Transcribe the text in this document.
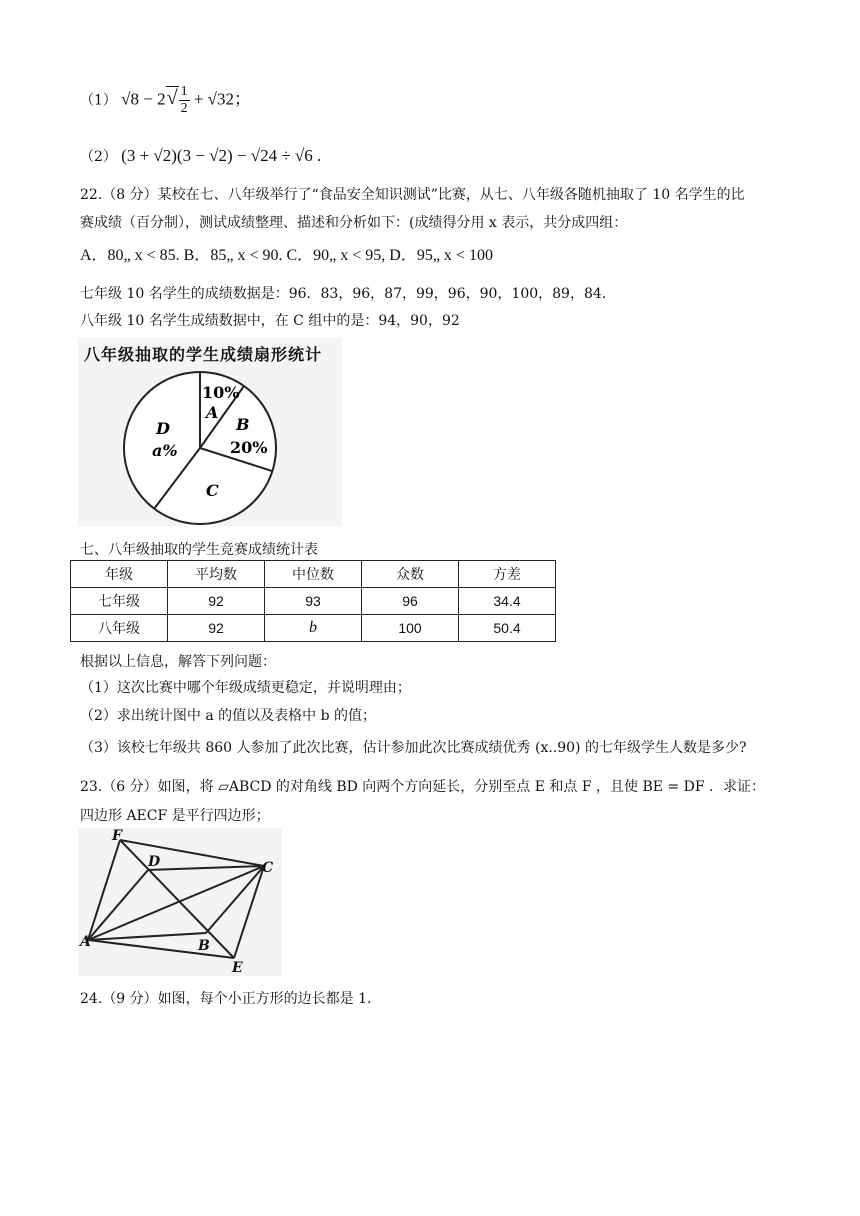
（1） $√8 - 2√ \frac{1}{2} + √32$；
（2） (3 + √2)(3 − √2) − √24 ÷ √6 .
22.（8 分）某校在七、八年级举行了“食品安全知识测试”比赛，从七、八年级各随机抽取了 10 名学生的比
赛成绩（百分制），测试成绩整理、描述和分析如下：(成绩得分用 x 表示，共分成四组：
A．80„ x < 85. B．85„ x < 90. C．90„ x < 95, D．95„ x < 100
七年级 10 名学生的成绩数据是：96．83，96，87，99，96，90，100，89，84．
八年级 10 名学生成绩数据中，在 C 组中的是：94，90，92
八年级抽取的学生成绩扇形统计
10%
A
B
20%
C
D
a%
七、八年级抽取的学生竞赛成绩统计表
年级	平均数	中位数	众数	方差
七年级	92	93	96	34.4
八年级	92	b	100	50.4
根据以上信息，解答下列问题：
（1）这次比赛中哪个年级成绩更稳定，并说明理由；
（2）求出统计图中 a 的值以及表格中 b 的值；
（3）该校七年级共 860 人参加了此次比赛，估计参加此次比赛成绩优秀 (x..90) 的七年级学生人数是多少?
23.（6 分）如图，将 ▱ABCD 的对角线 BD 向两个方向延长，分别至点 E 和点 F ，且使 BE = DF ．求证：
四边形 AECF 是平行四边形；
F
D	C
A	B
E
24.（9 分）如图，每个小正方形的边长都是 1.
